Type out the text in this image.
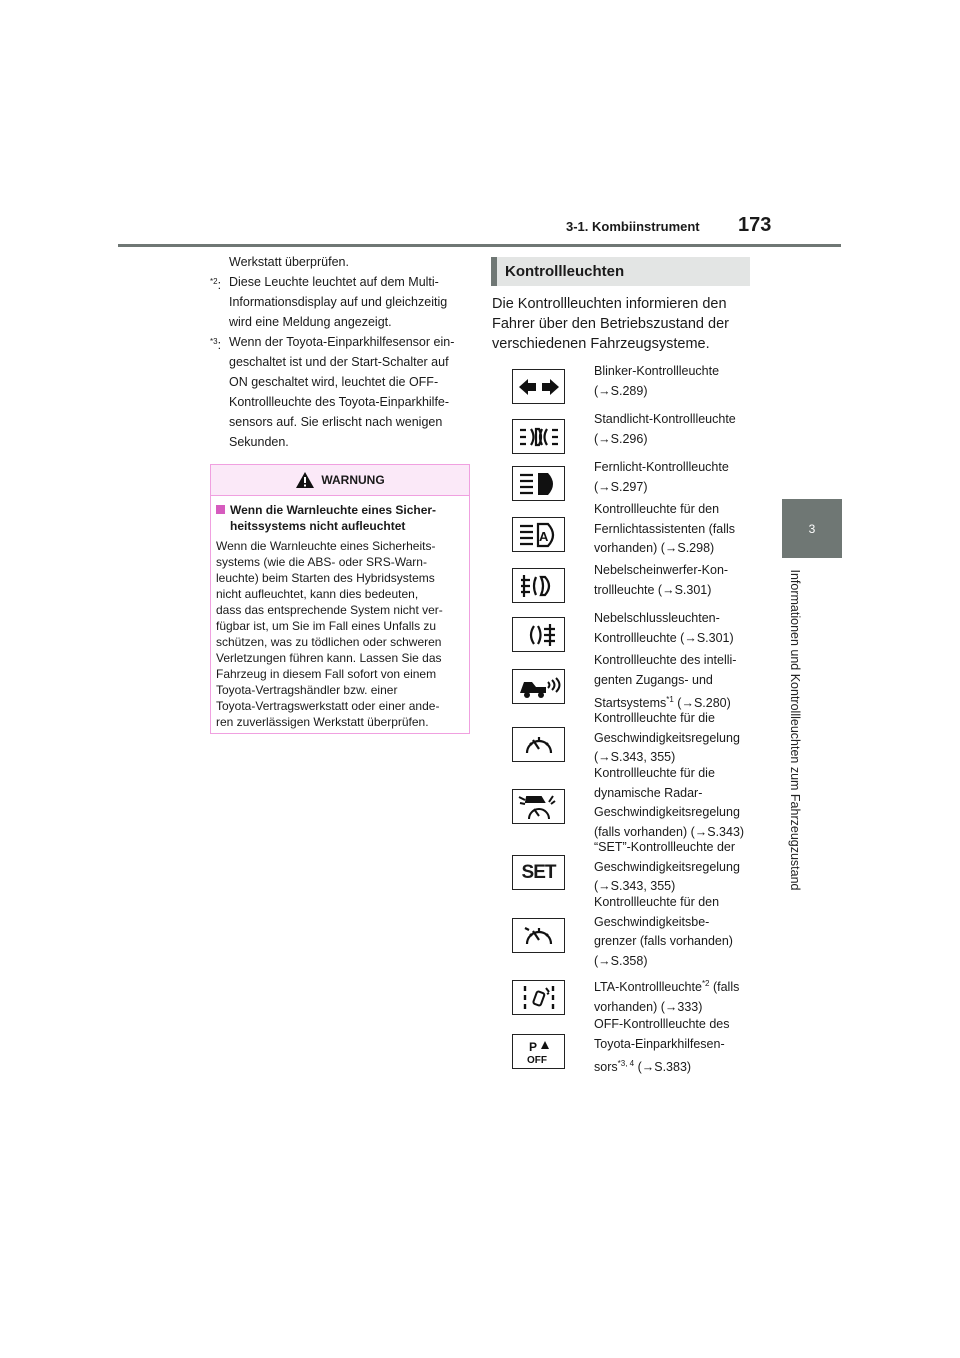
3-1. Kombiinstrument 173
3
Informationen und Kontrollleuchten zum Fahrzeugzustand

Werkstatt überprüfen.

$^{*2}$: Diese Leuchte leuchtet auf dem Multi-

Informationsdisplay auf und gleichzeitig

wird eine Meldung angezeigt.

$^{*3}$: Wenn der Toyota-Einparkhilfesensor ein-

geschaltet ist und der Start-Schalter auf

ON geschaltet wird, leuchtet die OFF-

Kontrollleuchte des Toyota-Einparkhilfe-

sensors auf. Sie erlischt nach wenigen

Sekunden.

WARNUNG
Wenn die Warnleuchte eines Sicher-
heitssystems nicht aufleuchtet
Wenn die Warnleuchte eines Sicherheits-
systems (wie die ABS- oder SRS-Warn-
leuchte) beim Starten des Hybridsystems
nicht aufleuchtet, kann dies bedeuten,
dass das entsprechende System nicht ver-
fügbar ist, um Sie im Fall eines Unfalls zu
schützen, was zu tödlichen oder schweren
Verletzungen führen kann. Lassen Sie das
Fahrzeug in diesem Fall sofort von einem
Toyota-Vertragshändler bzw. einer
Toyota-Vertragswerkstatt oder einer ande-
ren zuverlässigen Werkstatt überprüfen.
Kontrollleuchten
Die Kontrollleuchten informieren den
Fahrer über den Betriebszustand der
verschiedenen Fahrzeugsysteme.
Blinker-Kontrollleuchte
(→S.289)
Standlicht-Kontrollleuchte
(→S.296)
Fernlicht-Kontrollleuchte
(→S.297)
A
Kontrollleuchte für den
Fernlichtassistenten (falls
vorhanden) (→S.298)
Nebelscheinwerfer-Kon-
trollleuchte (→S.301)
Nebelschlussleuchten-
Kontrollleuchte (→S.301)
Kontrollleuchte des intelli-
genten Zugangs- und
Startsystems$^{*1}$ (→S.280)
Kontrollleuchte für die
Geschwindigkeitsregelung
(→S.343, 355)
Kontrollleuchte für die
dynamische Radar-
Geschwindigkeitsregelung
(falls vorhanden) (→S.343)
SET
“SET”-Kontrollleuchte der
Geschwindigkeitsregelung
(→S.343, 355)
Kontrollleuchte für den
Geschwindigkeitsbe-
grenzer (falls vorhanden)
(→S.358)
LTA-Kontrollleuchte$^{*2}$ (falls
vorhanden) (→333)
P
OFF
OFF-Kontrollleuchte des
Toyota-Einparkhilfesen-
sors$^{*3, 4}$ (→S.383)
